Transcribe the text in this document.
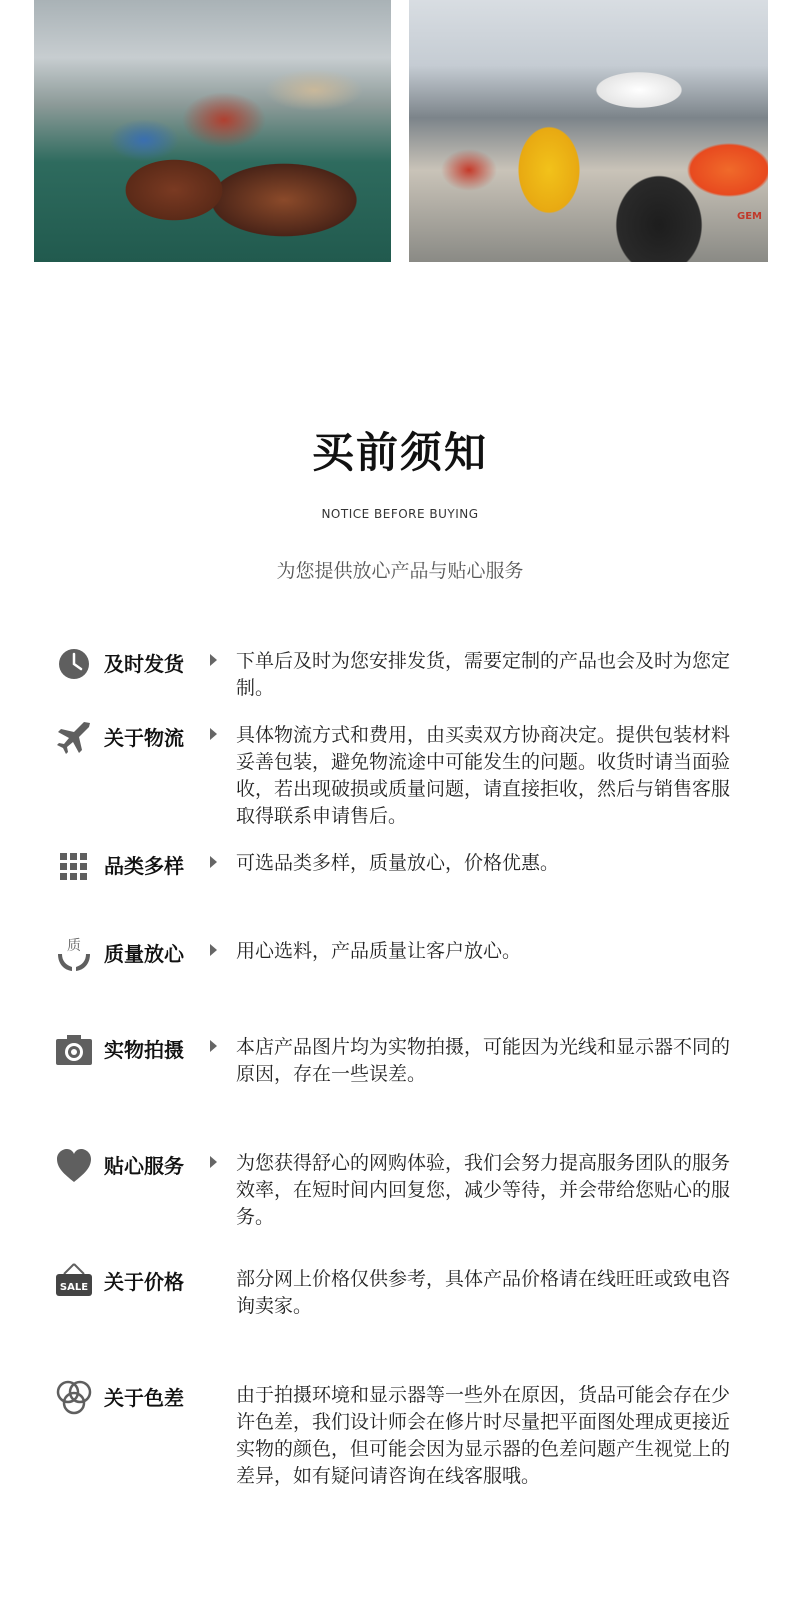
GEM
买前须知
NOTICE BEFORE BUYING
为您提供放心产品与贴心服务
及时发货	下单后及时为您安排发货，需要定制的产品也会及时为您定制。
关于物流	具体物流方式和费用，由买卖双方协商决定。提供包装材料妥善包装，避免物流途中可能发生的问题。收货时请当面验收，若出现破损或质量问题，请直接拒收，然后与销售客服取得联系申请售后。
品类多样	可选品类多样，质量放心，价格优惠。
质 质量放心	用心选料，产品质量让客户放心。
实物拍摄	本店产品图片均为实物拍摄，可能因为光线和显示器不同的原因，存在一些误差。
贴心服务	为您获得舒心的网购体验，我们会努力提高服务团队的服务效率，在短时间内回复您，减少等待，并会带给您贴心的服务。
SALE 关于价格	部分网上价格仅供参考，具体产品价格请在线旺旺或致电咨询卖家。
关于色差	由于拍摄环境和显示器等一些外在原因，货品可能会存在少许色差，我们设计师会在修片时尽量把平面图处理成更接近实物的颜色，但可能会因为显示器的色差问题产生视觉上的差异，如有疑问请咨询在线客服哦。
